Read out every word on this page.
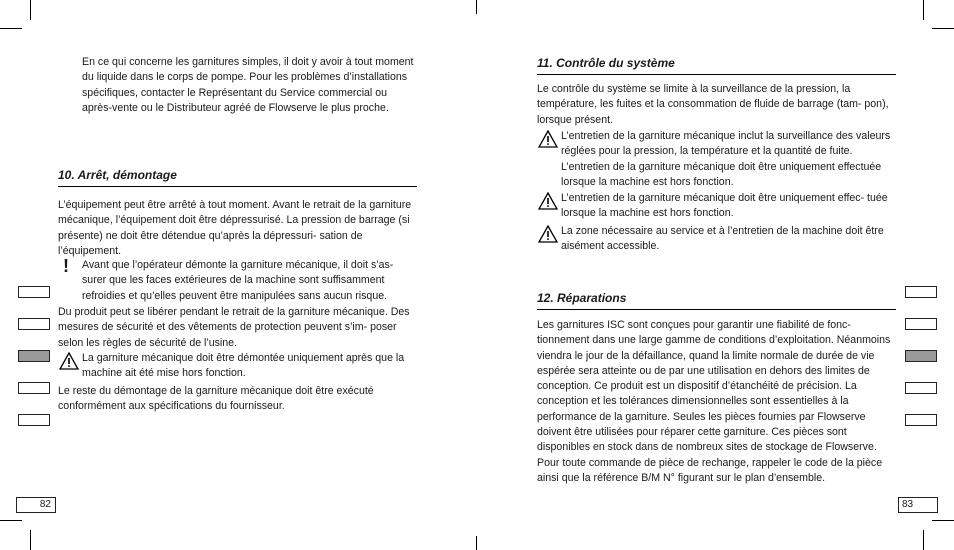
En ce qui concerne les garnitures simples, il doit y avoir à tout moment du liquide dans le corps de pompe. Pour les problèmes d’installations spécifiques, contacter le Représentant du Service commercial ou après-vente ou le Distributeur agréé de Flowserve le plus proche.

10. Arrêt, démontage

L’équipement peut être arrêté à tout moment. Avant le retrait de la garniture mécanique, l’équipement doit être dépressurisé. La pression de barrage (si présente) ne doit être détendue qu’après la dépressuri- sation de l’équipement.

! Avant que l’opérateur démonte la garniture mécanique, il doit s’as- surer que les faces extérieures de la machine sont suffisamment refroidies et qu’elles peuvent être manipulées sans aucun risque.

Du produit peut se libérer pendant le retrait de la garniture mécanique. Des mesures de sécurité et des vêtements de protection peuvent s’im- poser selon les règles de sécurité de l’usine.

La garniture mécanique doit être démontée uniquement après que la machine ait été mise hors fonction.

Le reste du démontage de la garniture mécanique doit être exécuté conformément aux spécifications du fournisseur.

82

11. Contrôle du système

Le contrôle du système se limite à la surveillance de la pression, la température, les fuites et la consommation de fluide de barrage (tam- pon), lorsque présent.

L’entretien de la garniture mécanique inclut la surveillance des valeurs réglées pour la pression, la température et la quantité de fuite. L’entretien de la garniture mécanique doit être uniquement effectuée lorsque la machine est hors fonction.

L’entretien de la garniture mécanique doit être uniquement effec- tuée lorsque la machine est hors fonction.

La zone nécessaire au service et à l’entretien de la machine doit être aisément accessible.

12. Réparations

Les garnitures ISC sont conçues pour garantir une fiabilité de fonc- tionnement dans une large gamme de conditions d’exploitation. Néanmoins viendra le jour de la défaillance, quand la limite normale de durée de vie espérée sera atteinte ou de par une utilisation en dehors des limites de conception. Ce produit est un dispositif d’étanchéité de précision. La conception et les tolérances dimensionnelles sont essentielles à la performance de la garniture. Seules les pièces fournies par Flowserve doivent être utilisées pour réparer cette garniture. Ces pièces sont disponibles en stock dans de nombreux sites de stockage de Flowserve. Pour toute commande de pièce de rechange, rappeler le code de la pièce ainsi que la référence B/M N° figurant sur le plan d’ensemble.

83
